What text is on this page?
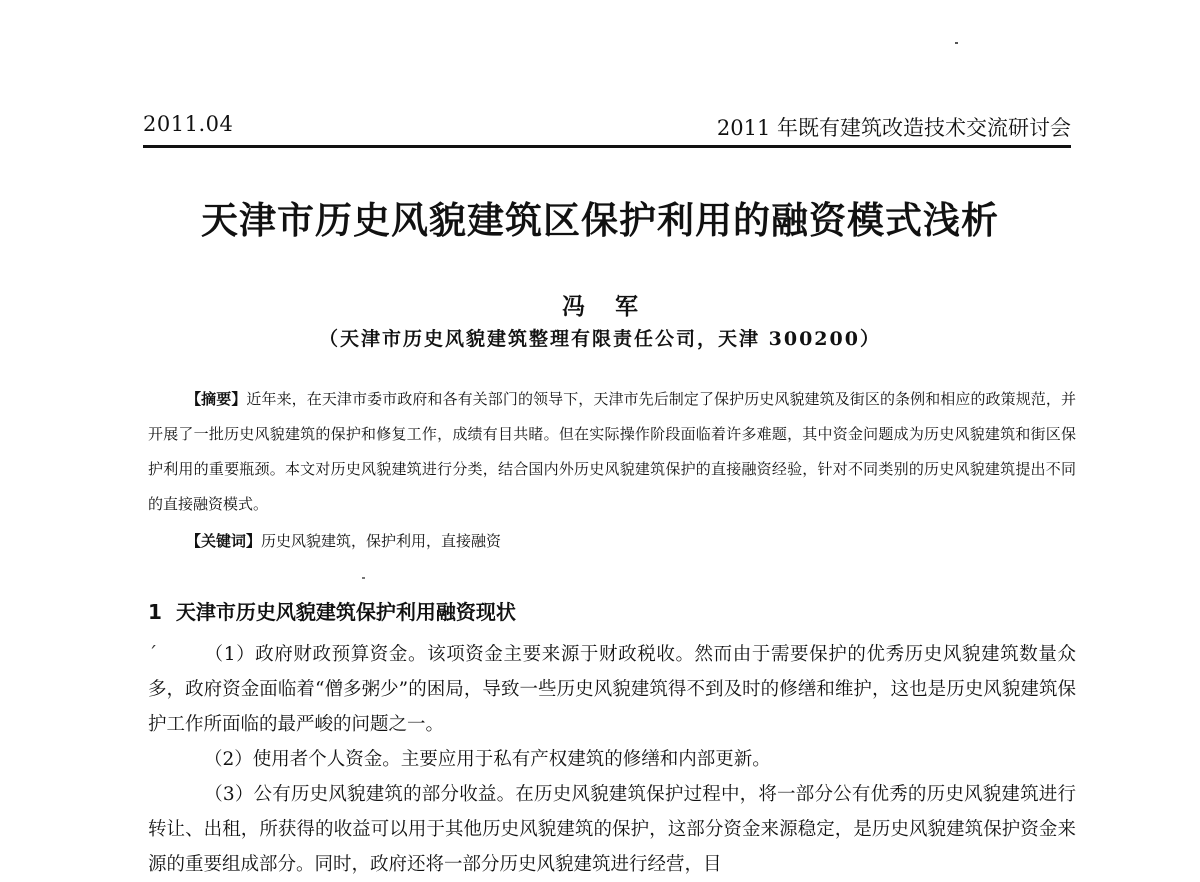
2011.04	2011 年既有建筑改造技术交流研讨会
天津市历史风貌建筑区保护利用的融资模式浅析
冯军
（天津市历史风貌建筑整理有限责任公司，天津 300200）

【摘要】近年来，在天津市委市政府和各有关部门的领导下，天津市先后制定了保护历史风貌建筑及街区的条例和相应的政策规范，并开展了一批历史风貌建筑的保护和修复工作，成绩有目共睹。但在实际操作阶段面临着许多难题，其中资金问题成为历史风貌建筑和街区保护利用的重要瓶颈。本文对历史风貌建筑进行分类，结合国内外历史风貌建筑保护的直接融资经验，针对不同类别的历史风貌建筑提出不同的直接融资模式。

【关键词】历史风貌建筑，保护利用，直接融资
1 天津市历史风貌建筑保护利用融资现状

ˊ	（1）政府财政预算资金。该项资金主要来源于财政税收。然而由于需要保护的优秀历史风貌建筑数量众多，政府资金面临着“僧多粥少”的困局，导致一些历史风貌建筑得不到及时的修缮和维护，这也是历史风貌建筑保护工作所面临的最严峻的问题之一。

（2）使用者个人资金。主要应用于私有产权建筑的修缮和内部更新。

（3）公有历史风貌建筑的部分收益。在历史风貌建筑保护过程中，将一部分公有优秀的历史风貌建筑进行转让、出租，所获得的收益可以用于其他历史风貌建筑的保护，这部分资金来源稳定，是历史风貌建筑保护资金来源的重要组成部分。同时，政府还将一部分历史风貌建筑进行经营，目
